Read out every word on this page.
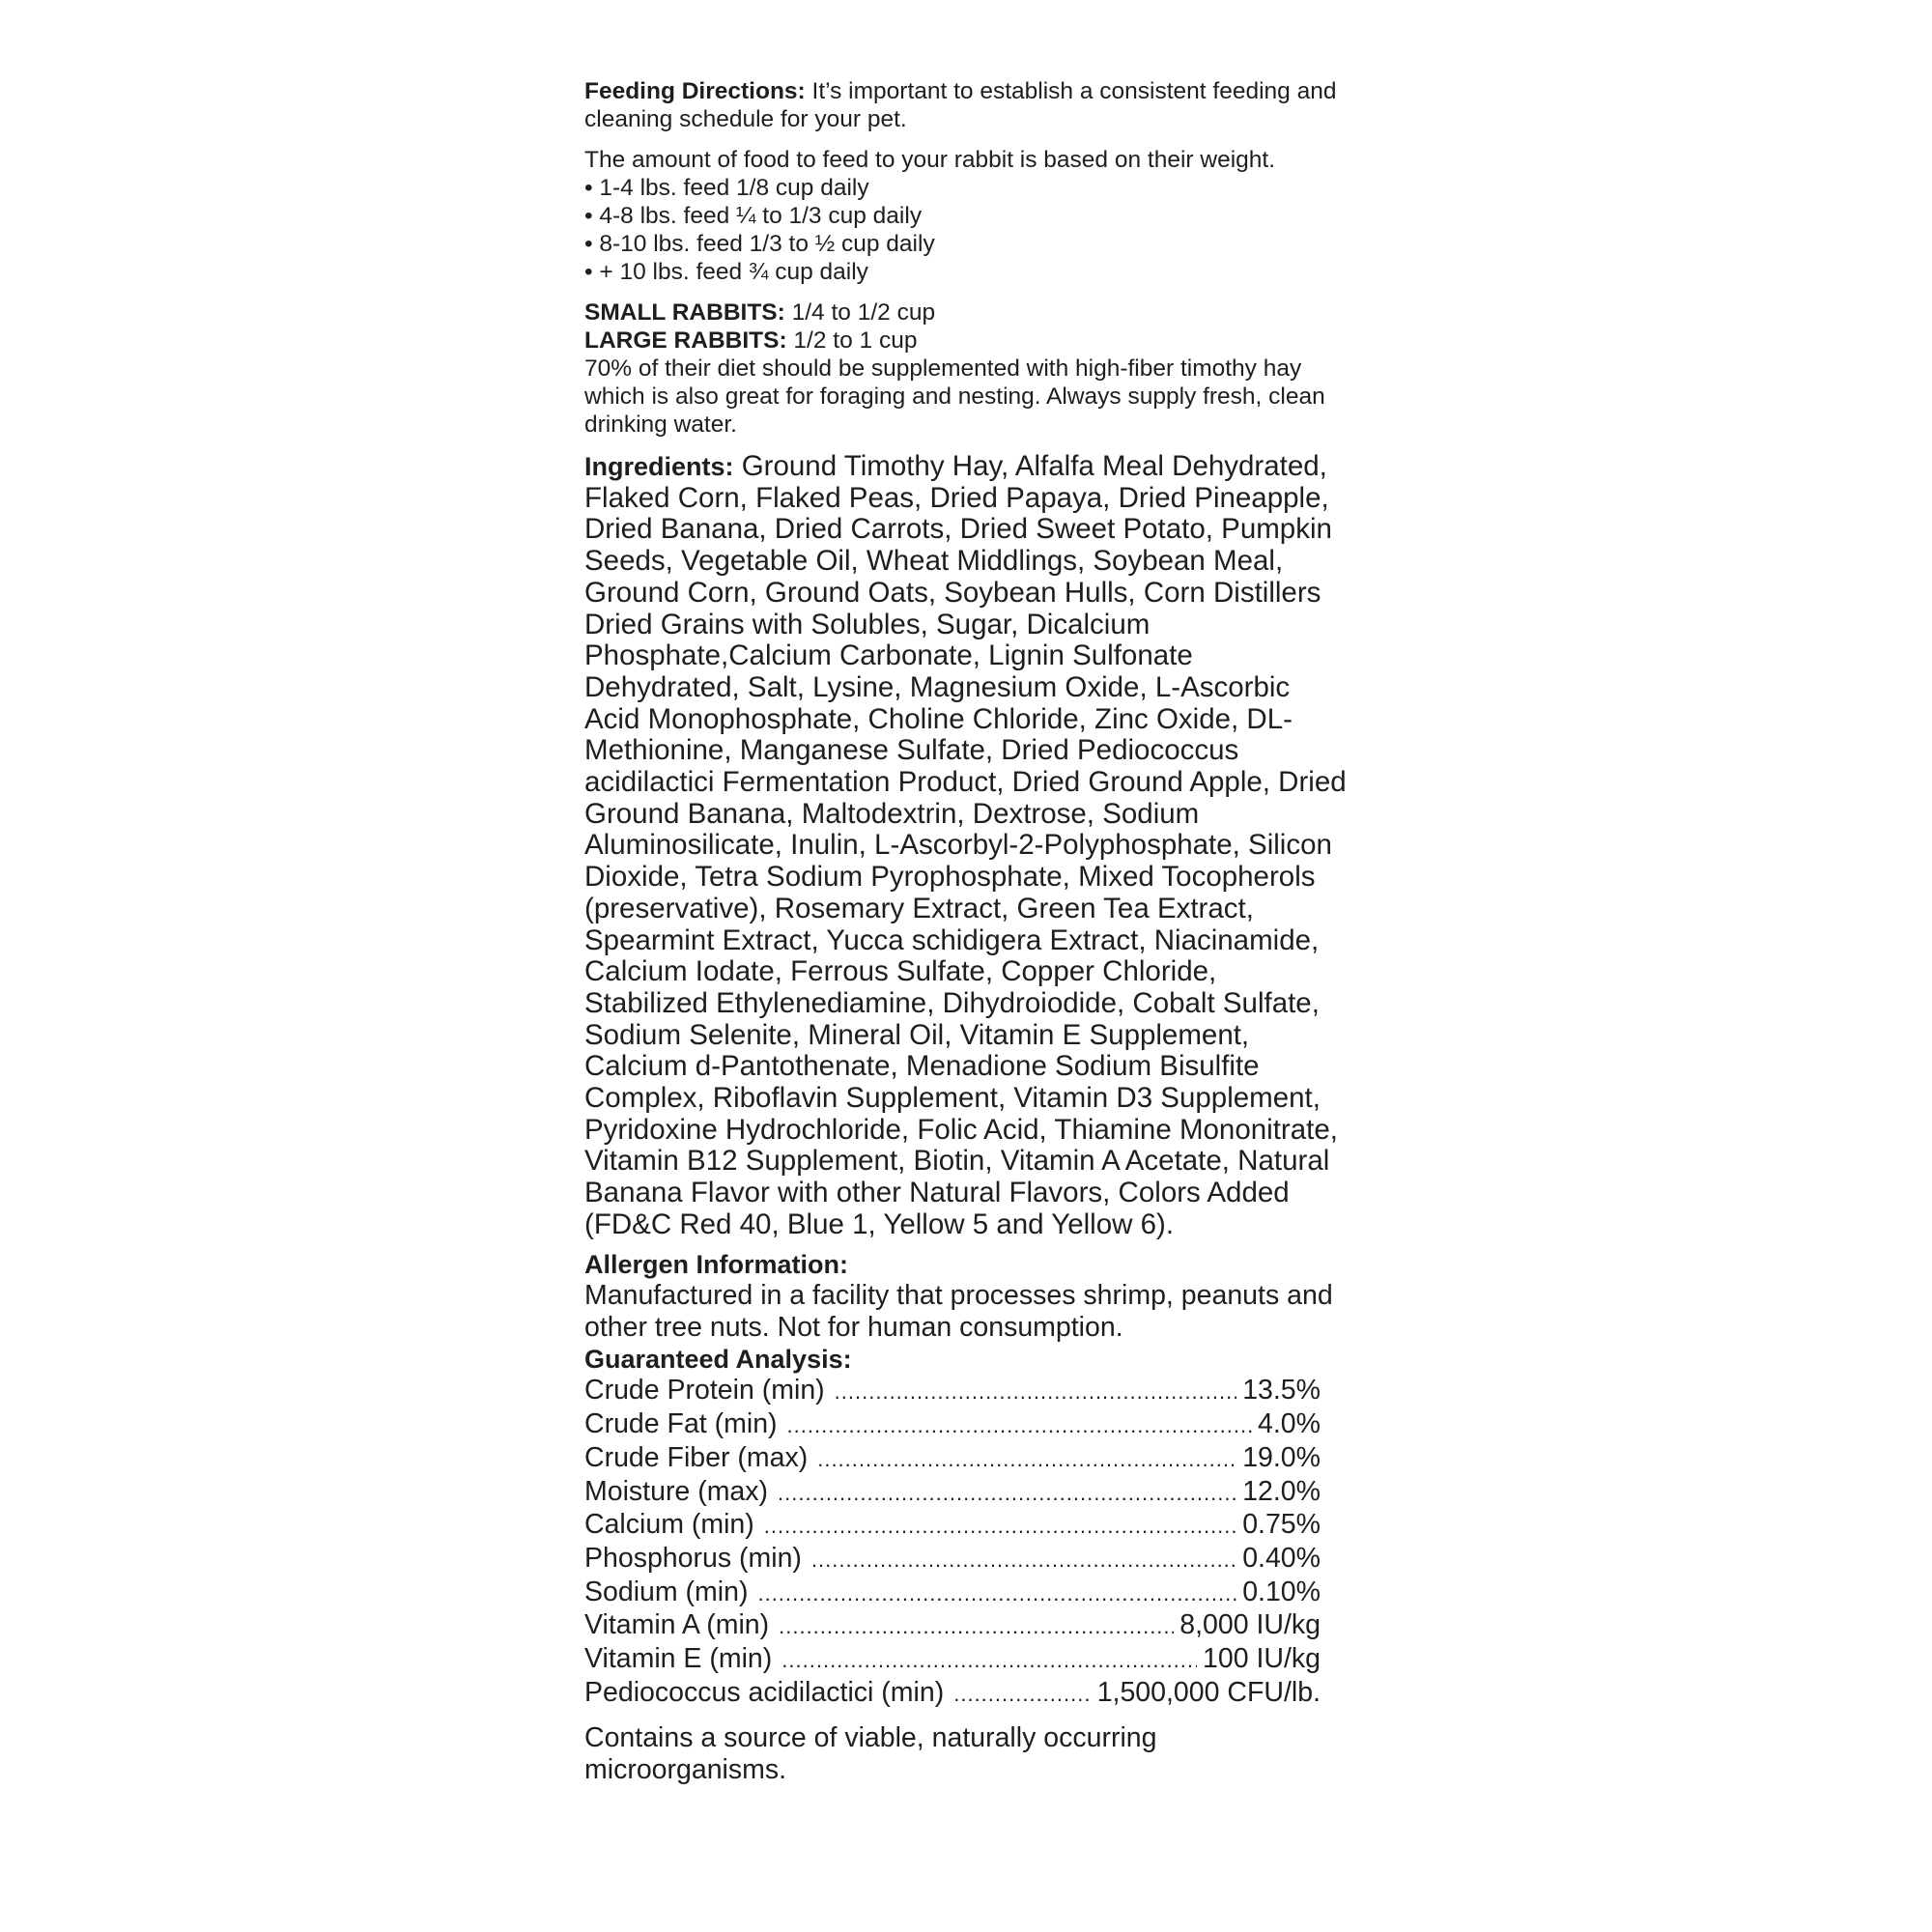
Feeding Directions: It’s important to establish a consistent feeding and cleaning schedule for your pet.

The amount of food to feed to your rabbit is based on their weight.

• 1-4 lbs. feed 1/8 cup daily
• 4-8 lbs. feed ¼ to 1/3 cup daily
• 8-10 lbs. feed 1/3 to ½ cup daily
• + 10 lbs. feed ¾ cup daily

SMALL RABBITS: 1/4 to 1/2 cup

LARGE RABBITS: 1/2 to 1 cup

70% of their diet should be supplemented with high-fiber timothy hay which is also great for foraging and nesting. Always supply fresh, clean drinking water.

Ingredients: Ground Timothy Hay, Alfalfa Meal Dehydrated, Flaked Corn, Flaked Peas, Dried Papaya, Dried Pineapple, Dried Banana, Dried Carrots, Dried Sweet Potato, Pumpkin Seeds, Vegetable Oil, Wheat Middlings, Soybean Meal, Ground Corn, Ground Oats, Soybean Hulls, Corn Distillers Dried Grains with Solubles, Sugar, Dicalcium Phosphate,Calcium Carbonate, Lignin Sulfonate Dehydrated, Salt, Lysine, Magnesium Oxide, L-Ascorbic Acid Monophosphate, Choline Chloride, Zinc Oxide, DL-Methionine, Manganese Sulfate, Dried Pediococcus acidilactici Fermentation Product, Dried Ground Apple, Dried Ground Banana, Maltodextrin, Dextrose, Sodium Aluminosilicate, Inulin, L-Ascorbyl-2-Polyphosphate, Silicon Dioxide, Tetra Sodium Pyrophosphate, Mixed Tocopherols (preservative), Rosemary Extract, Green Tea Extract, Spearmint Extract, Yucca schidigera Extract, Niacinamide, Calcium Iodate, Ferrous Sulfate, Copper Chloride, Stabilized Ethylenediamine, Dihydroiodide, Cobalt Sulfate, Sodium Selenite, Mineral Oil, Vitamin E Supplement, Calcium d-Pantothenate, Menadione Sodium Bisulfite Complex, Riboflavin Supplement, Vitamin D3 Supplement, Pyridoxine Hydrochloride, Folic Acid, Thiamine Mononitrate, Vitamin B12 Supplement, Biotin, Vitamin A Acetate, Natural Banana Flavor with other Natural Flavors, Colors Added (FD&C Red 40, Blue 1, Yellow 5 and Yellow 6).

Allergen Information:

Manufactured in a facility that processes shrimp, peanuts and other tree nuts. Not for human consumption.

Guaranteed Analysis:

Crude Protein (min) .....	13.5%
Crude Fat (min) .....	4.0%
Crude Fiber (max) .....	19.0%
Moisture (max) .....	12.0%
Calcium (min) .....	0.75%
Phosphorus (min) .....	0.40%
Sodium (min) .....	0.10%
Vitamin A (min) .....	8,000 IU/kg
Vitamin E (min) .....	100 IU/kg
Pediococcus acidilactici (min) .....	1,500,000 CFU/lb.

Contains a source of viable, naturally occurring microorganisms.
